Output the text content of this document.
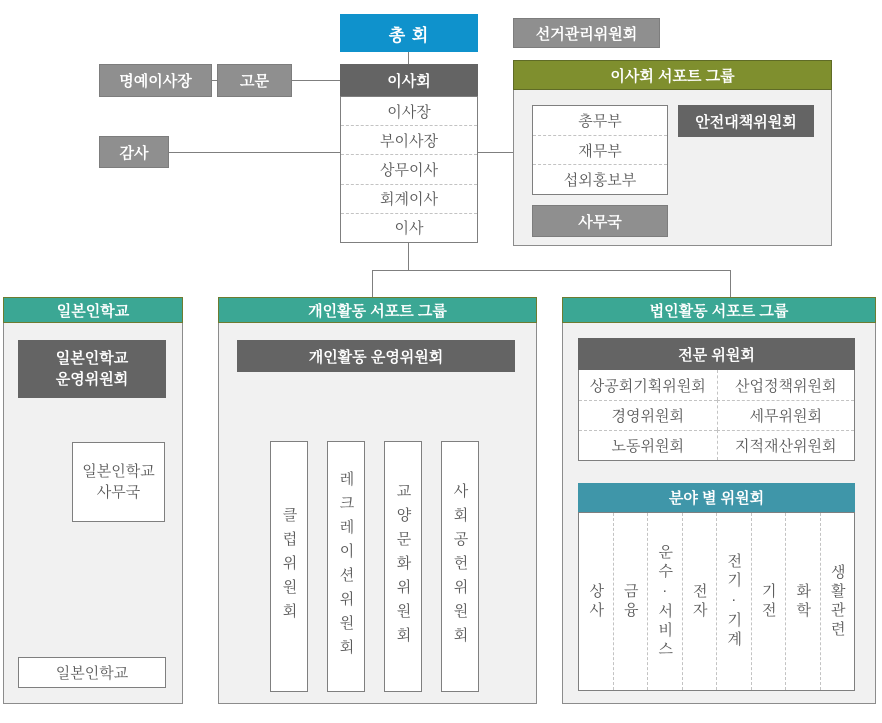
총 회
이사회
이사장
부이사장
상무이사
회계이사
이사
명예이사장	고문
감사
선거관리위원회
이사회 서포트 그룹
총무부
재무부
섭외홍보부
안전대책위원회
사무국
일본인학교
일본인학교
운영위원회
일본인학교
사무국
일본인학교
개인활동 서포트 그룹
개인활동 운영위원회
클럽위원회	레크레이션위원회	교양문화위원회	사회공헌위원회
법인활동 서포트 그룹
전문 위원회
상공회기획위원회	산업정책위원회
경영위원회	세무위원회
노동위원회	지적재산위원회
분야 별 위원회
상사 금융 운수·서비스 전자 전기·기계 기전 화학 생활관련
